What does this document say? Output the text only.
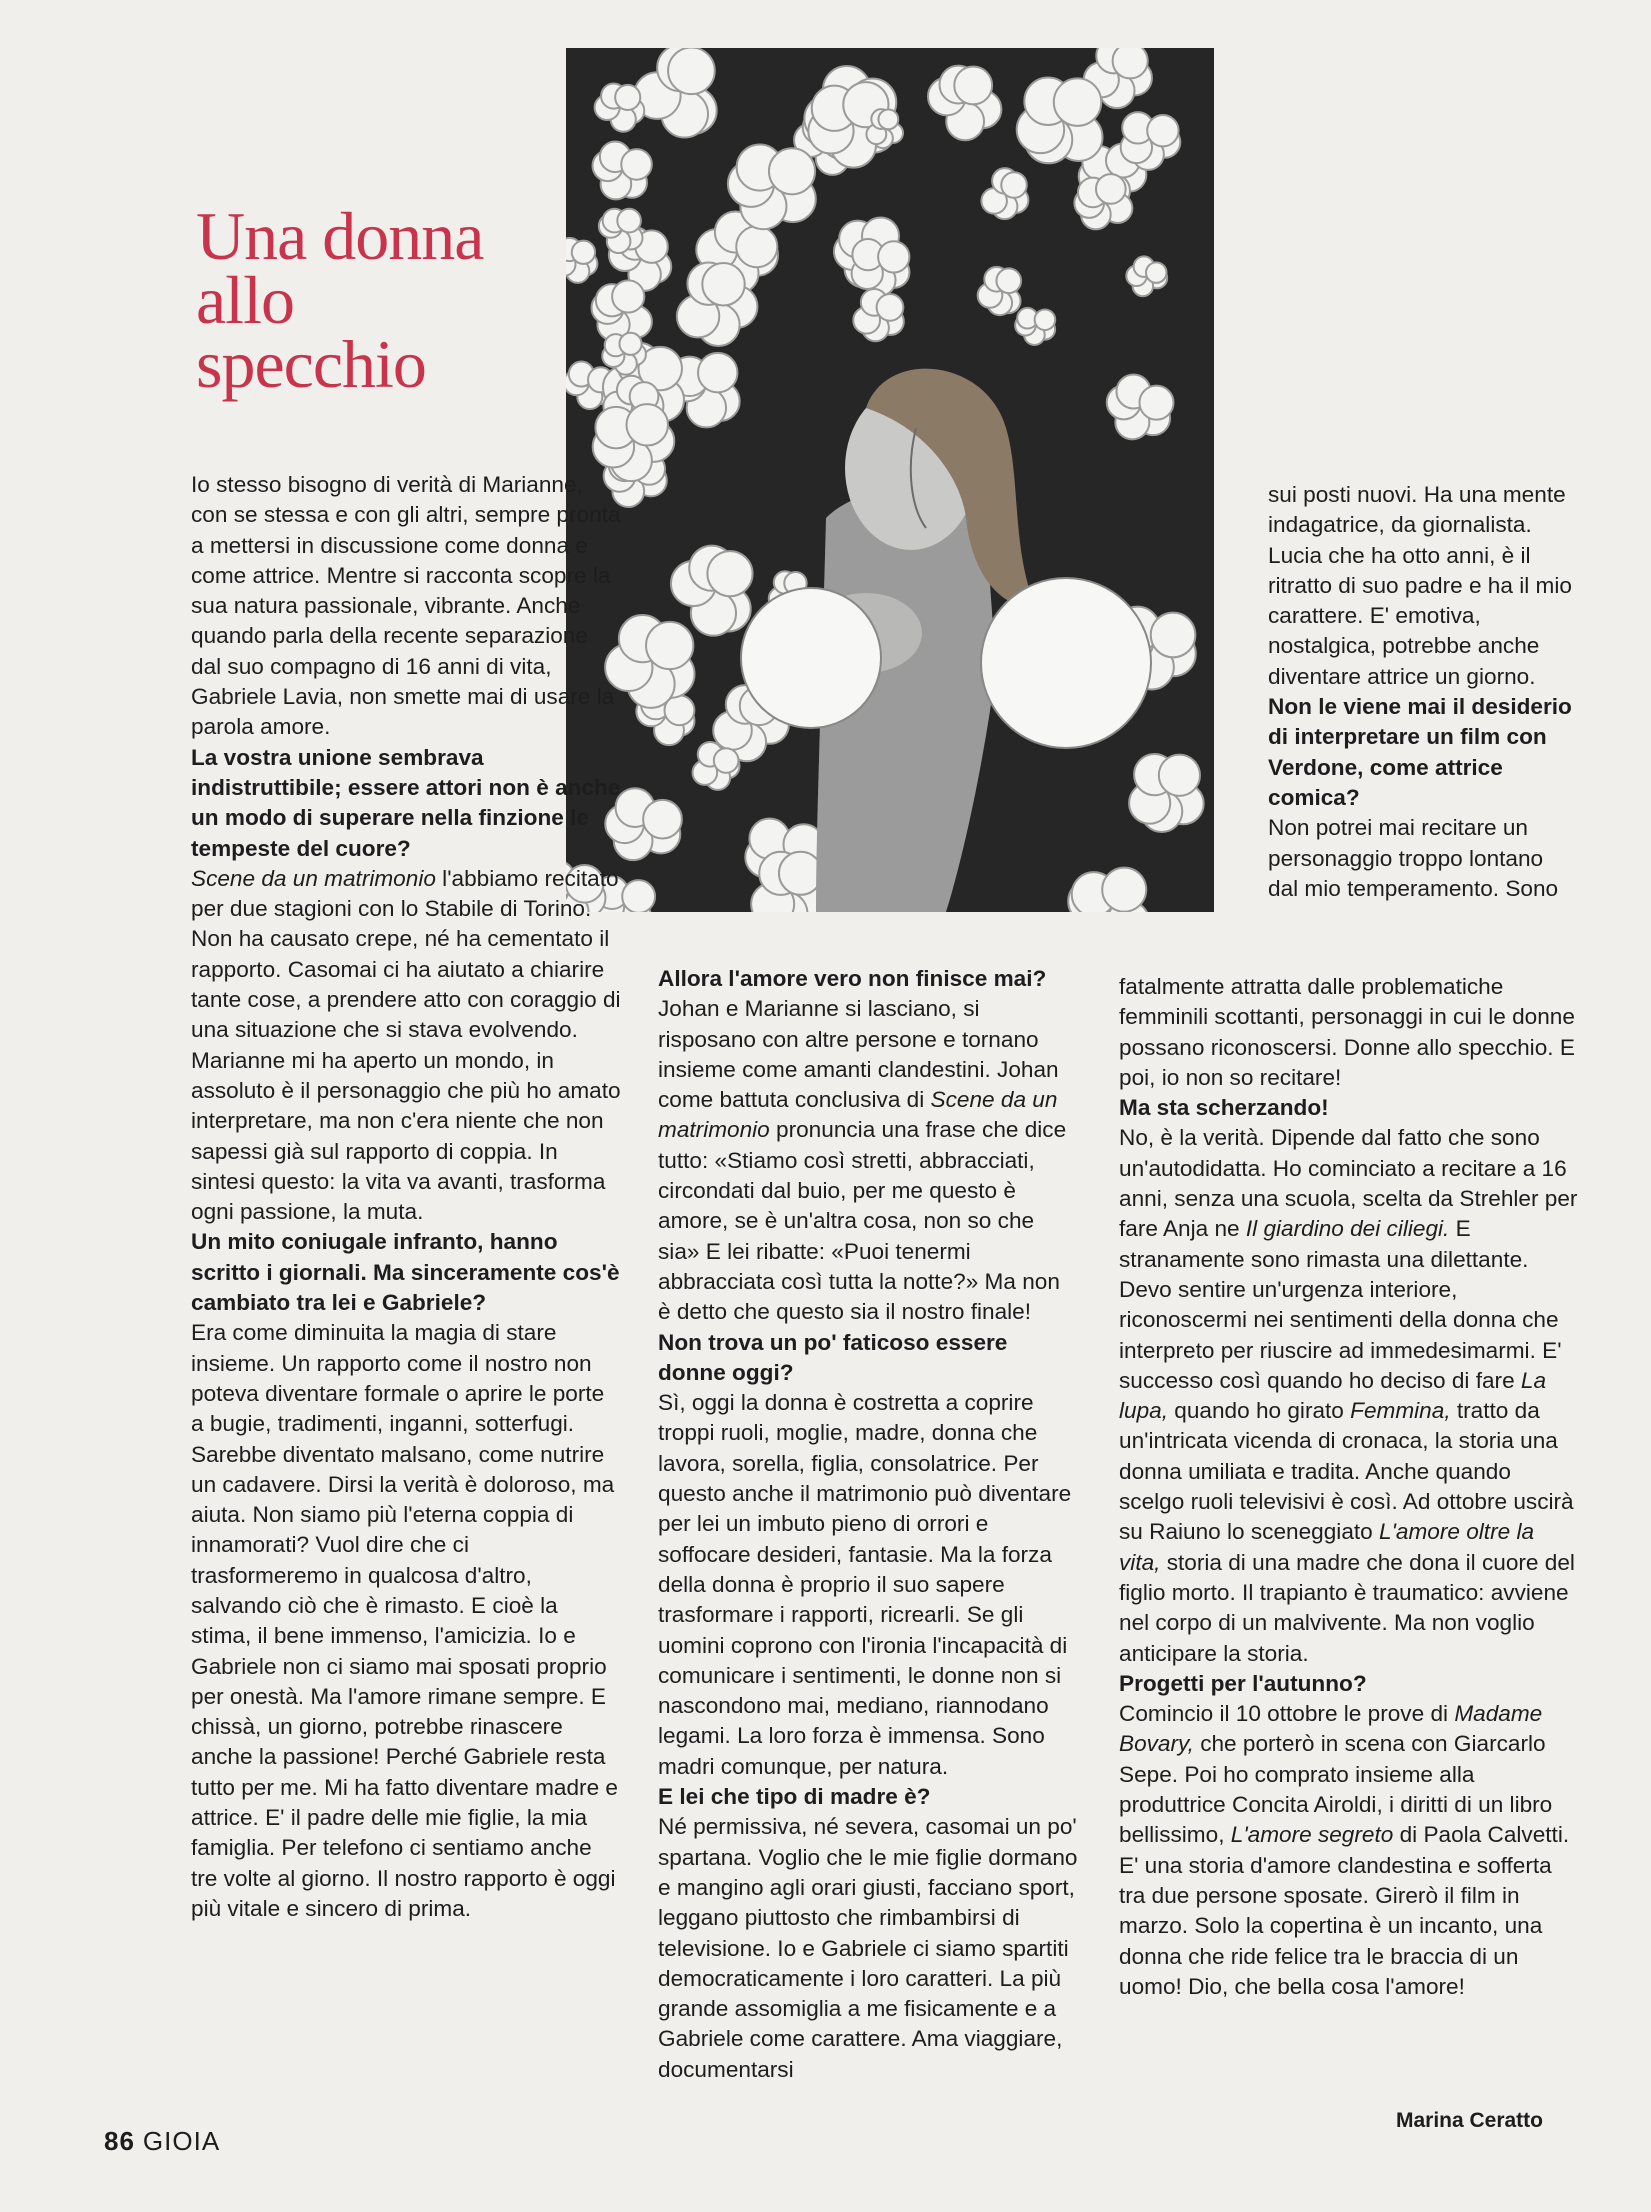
Una donna
allo
specchio

Io stesso bisogno di verità di Marianne, con se stessa e con gli altri, sempre pronta a mettersi in discussione come donna e come attrice. Mentre si racconta scopre la sua natura passionale, vibrante. Anche quando parla della recente separazione dal suo compagno di 16 anni di vita, Gabriele Lavia, non smette mai di usare la parola amore.

La vostra unione sembrava indistruttibile; essere attori non è anche un modo di superare nella finzione le tempeste del cuore?

Scene da un matrimonio l'abbiamo recitato per due stagioni con lo Stabile di Torino. Non ha causato crepe, né ha cementato il rapporto. Casomai ci ha aiutato a chiarire tante cose, a prendere atto con coraggio di una situazione che si stava evolvendo. Marianne mi ha aperto un mondo, in assoluto è il personaggio che più ho amato interpretare, ma non c'era niente che non sapessi già sul rapporto di coppia. In sintesi questo: la vita va avanti, trasforma ogni passione, la muta.

Un mito coniugale infranto, hanno scritto i giornali. Ma sinceramente cos'è cambiato tra lei e Gabriele?

Era come diminuita la magia di stare insieme. Un rapporto come il nostro non poteva diventare formale o aprire le porte a bugie, tradimenti, inganni, sotterfugi. Sarebbe diventato malsano, come nutrire un cadavere. Dirsi la verità è doloroso, ma aiuta. Non siamo più l'eterna coppia di innamorati? Vuol dire che ci trasformeremo in qualcosa d'altro, salvando ciò che è rimasto. E cioè la stima, il bene immenso, l'amicizia. Io e Gabriele non ci siamo mai sposati proprio per onestà. Ma l'amore rimane sempre. E chissà, un giorno, potrebbe rinascere anche la passione! Perché Gabriele resta tutto per me. Mi ha fatto diventare madre e attrice. E' il padre delle mie figlie, la mia famiglia. Per telefono ci sentiamo anche tre volte al giorno. Il nostro rapporto è oggi più vitale e sincero di prima.

Allora l'amore vero non finisce mai?

Johan e Marianne si lasciano, si risposano con altre persone e tornano insieme come amanti clandestini. Johan come battuta conclusiva di Scene da un matrimonio pronuncia una frase che dice tutto: «Stiamo così stretti, abbracciati, circondati dal buio, per me questo è amore, se è un'altra cosa, non so che sia» E lei ribatte: «Puoi tenermi abbracciata così tutta la notte?» Ma non è detto che questo sia il nostro finale!

Non trova un po' faticoso essere donne oggi?

Sì, oggi la donna è costretta a coprire troppi ruoli, moglie, madre, donna che lavora, sorella, figlia, consolatrice. Per questo anche il matrimonio può diventare per lei un imbuto pieno di orrori e soffocare desideri, fantasie. Ma la forza della donna è proprio il suo sapere trasformare i rapporti, ricrearli. Se gli uomini coprono con l'ironia l'incapacità di comunicare i sentimenti, le donne non si nascondono mai, mediano, riannodano legami. La loro forza è immensa. Sono madri comunque, per natura.

E lei che tipo di madre è?

Né permissiva, né severa, casomai un po' spartana. Voglio che le mie figlie dormano e mangino agli orari giusti, facciano sport, leggano piuttosto che rimbambirsi di televisione. Io e Gabriele ci siamo spartiti democraticamente i loro caratteri. La più grande assomiglia a me fisicamente e a Gabriele come carattere. Ama viaggiare, documentarsi

sui posti nuovi. Ha una mente indagatrice, da giornalista. Lucia che ha otto anni, è il ritratto di suo padre e ha il mio carattere. E' emotiva, nostalgica, potrebbe anche diventare attrice un giorno.

Non le viene mai il desiderio di interpretare un film con Verdone, come attrice comica?

Non potrei mai recitare un personaggio troppo lontano dal mio temperamento. Sono

fatalmente attratta dalle problematiche femminili scottanti, personaggi in cui le donne possano riconoscersi. Donne allo specchio. E poi, io non so recitare!

Ma sta scherzando!

No, è la verità. Dipende dal fatto che sono un'autodidatta. Ho cominciato a recitare a 16 anni, senza una scuola, scelta da Strehler per fare Anja ne Il giardino dei ciliegi. E stranamente sono rimasta una dilettante. Devo sentire un'urgenza interiore, riconoscermi nei sentimenti della donna che interpreto per riuscire ad immedesimarmi. E' successo così quando ho deciso di fare La lupa, quando ho girato Femmina, tratto da un'intricata vicenda di cronaca, la storia una donna umiliata e tradita. Anche quando scelgo ruoli televisivi è così. Ad ottobre uscirà su Raiuno lo sceneggiato L'amore oltre la vita, storia di una madre che dona il cuore del figlio morto. Il trapianto è traumatico: avviene nel corpo di un malvivente. Ma non voglio anticipare la storia.

Progetti per l'autunno?

Comincio il 10 ottobre le prove di Madame Bovary, che porterò in scena con Giarcarlo Sepe. Poi ho comprato insieme alla produttrice Concita Airoldi, i diritti di un libro bellissimo, L'amore segreto di Paola Calvetti. E' una storia d'amore clandestina e sofferta tra due persone sposate. Girerò il film in marzo. Solo la copertina è un incanto, una donna che ride felice tra le braccia di un uomo! Dio, che bella cosa l'amore!

Marina Ceratto
86 GIOIA
